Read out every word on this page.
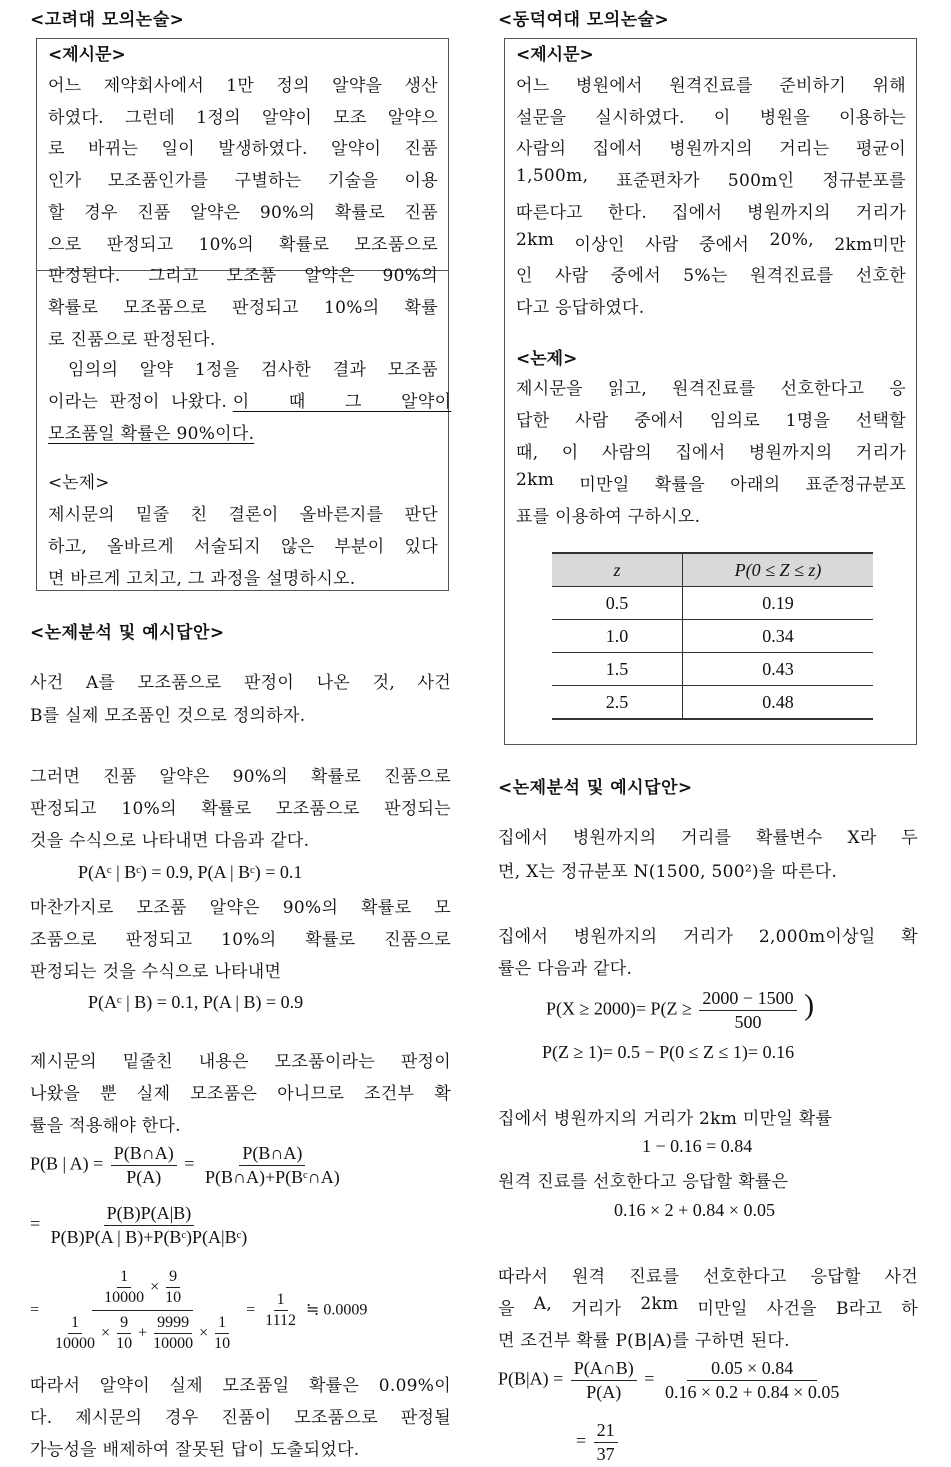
<고려대 모의논술>
<제시문>
어느 제약회사에서 1만 정의 알약을 생산
하였다. 그런데 1정의 알약이 모조 알약으
로 바뀌는 일이 발생하였다. 알약이 진품
인가 모조품인가를 구별하는 기술을 이용
할 경우 진품 알약은 90%의 확률로 진품
으로 판정되고 10%의 확률로 모조품으로
판정된다. 그리고 모조품 알약은 90%의
확률로 모조품으로 판정되고 10%의 확률
로 진품으로 판정된다.
임의의 알약 1정을 검사한 결과 모조품
이라는  판정이  나왔다. 이  때  그  알약이
모조품일 확률은 90%이다.
<논제>
제시문의 밑줄 친 결론이 올바른지를 판단
하고, 올바르게 서술되지 않은 부분이 있다
면 바르게 고치고, 그 과정을 설명하시오.
<논제분석 및 예시답안>
사건 A를 모조품으로 판정이 나온 것, 사건
B를 실제 모조품인 것으로 정의하자.
그러면 진품 알약은 90%의 확률로 진품으로
판정되고 10%의 확률로 모조품으로 판정되는
것을 수식으로 나타내면 다음과 같다.
P(Aᶜ | Bᶜ) = 0.9, P(A | Bᶜ) = 0.1
마찬가지로 모조품 알약은 90%의 확률로 모
조품으로 판정되고 10%의 확률로 진품으로
판정되는 것을 수식으로 나타내면
P(Aᶜ | B) = 0.1, P(A | B) = 0.9
제시문의 밑줄친 내용은 모조품이라는 판정이
나왔을 뿐 실제 모조품은 아니므로 조건부 확
률을 적용해야 한다.
P(B | $A) = \frac{P(B\cap A)}{P(A)} = \frac{P(B\cap A)}{\text{P(B∩A)+P(Bᶜ∩A)}}$
= $\frac{P(B)P(A|B)}{\text{P(B)P(A | B)+P(Bᶜ)P(A|Bᶜ)}}$
= $\frac{\frac{1}{10000} \times \frac{9}{10}}{\frac{1}{10000} \times \frac{9}{10} + \frac{9999}{10000} \times \frac{1}{10}} = \frac{1}{1112}$ ≒ 0.0009
따라서 알약이 실제 모조품일 확률은 0.09%이
다. 제시문의 경우 진품이 모조품으로 판정될
가능성을 배제하여 잘못된 답이 도출되었다.
<동덕여대 모의논술>
<제시문>
어느 병원에서 원격진료를 준비하기 위해
설문을 실시하였다. 이 병원을 이용하는
사람의 집에서 병원까지의 거리는 평균이
1,500m, 표준편차가 500m인 정규분포를
따른다고 한다. 집에서 병원까지의 거리가
2km 이상인 사람 중에서 20%, 2km미만
인 사람 중에서 5%는 원격진료를 선호한
다고 응답하였다.
<논제>
제시문을 읽고, 원격진료를 선호한다고 응
답한 사람 중에서 임의로 1명을 선택할
때, 이 사람의 집에서 병원까지의 거리가
2km 미만일 확률을 아래의 표준정규분포
표를 이용하여 구하시오.
z	P(0 ≤ Z ≤ z)
0.5	0.19
1.0	0.34
1.5	0.43
2.5	0.48
<논제분석 및 예시답안>
집에서 병원까지의 거리를 확률변수 X라 두
면, X는 정규분포 N(1500, 500²)을 따른다.
집에서 병원까지의 거리가 2,000m이상일 확
률은 다음과 같다.
$P(X \ge 2000)= P(Z \ge \frac{2000 - 1500}{500}$ )
P(Z ≥ 1)= 0.5 − P(0 ≤ Z ≤ 1)= 0.16
집에서 병원까지의 거리가 2km 미만일 확률
1 − 0.16 = 0.84
원격 진료를 선호한다고 응답할 확률은
0.16 × 2 + 0.84 × 0.05
따라서 원격 진료를 선호한다고 응답할 사건
을 A, 거리가 2km 미만일 사건을 B라고 하
면 조건부 확률 P(B|A)를 구하면 된다.
$P(B|A) = \frac{P(A\cap B)}{P(A)} = \frac{0.05 \times 0.84}{0.16 \times 0.2 + 0.84 \times 0.05}$
= $\frac{21}{37}$
